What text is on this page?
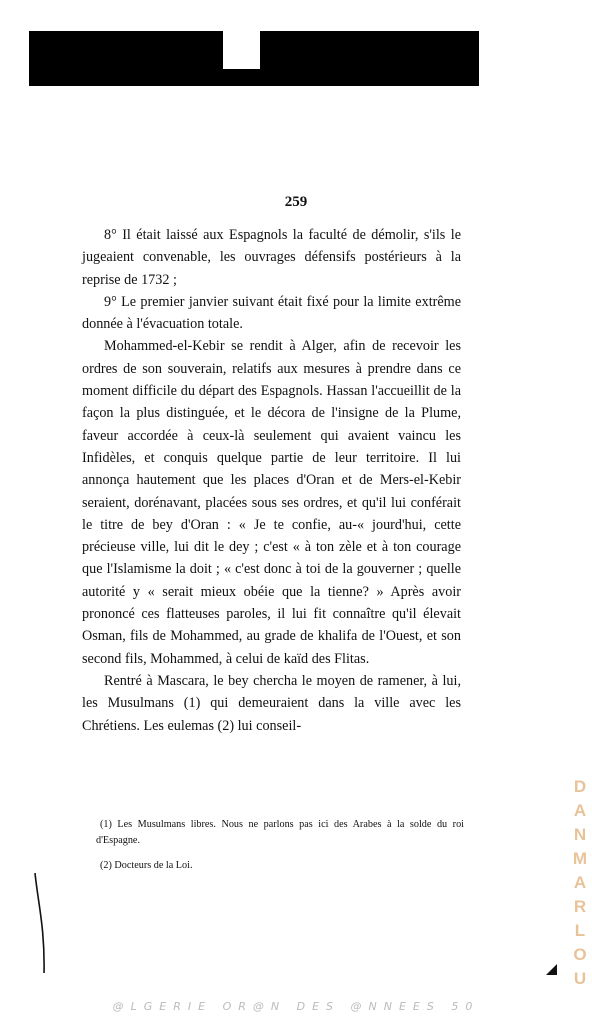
259

8° Il était laissé aux Espagnols la faculté de démolir, s'ils le jugeaient convenable, les ouvrages défensifs postérieurs à la reprise de 1732 ;

9° Le premier janvier suivant était fixé pour la limite extrême donnée à l'évacuation totale.

Mohammed-el-Kebir se rendit à Alger, afin de recevoir les ordres de son souverain, relatifs aux mesures à prendre dans ce moment difficile du départ des Espagnols. Hassan l'accueillit de la façon la plus distinguée, et le décora de l'insigne de la Plume, faveur accordée à ceux-là seulement qui avaient vaincu les Infidèles, et conquis quelque partie de leur territoire. Il lui annonça hautement que les places d'Oran et de Mers-el-Kebir seraient, dorénavant, placées sous ses ordres, et qu'il lui conférait le titre de bey d'Oran : « Je te confie, au-« jourd'hui, cette précieuse ville, lui dit le dey ; c'est « à ton zèle et à ton courage que l'Islamisme la doit ; « c'est donc à toi de la gouverner ; quelle autorité y « serait mieux obéie que la tienne? » Après avoir prononcé ces flatteuses paroles, il lui fit connaître qu'il élevait Osman, fils de Mohammed, au grade de khalifa de l'Ouest, et son second fils, Mohammed, à celui de kaïd des Flitas.

Rentré à Mascara, le bey chercha le moyen de ramener, à lui, les Musulmans (1) qui demeuraient dans la ville avec les Chrétiens. Les eulemas (2) lui conseil-

(1) Les Musulmans libres. Nous ne parlons pas ici des Arabes à la solde du roi d'Espagne.

(2) Docteurs de la Loi.

D
A
N
M
A
R
L
O
U
@LGERIE OR@N DES @NNEES 50
